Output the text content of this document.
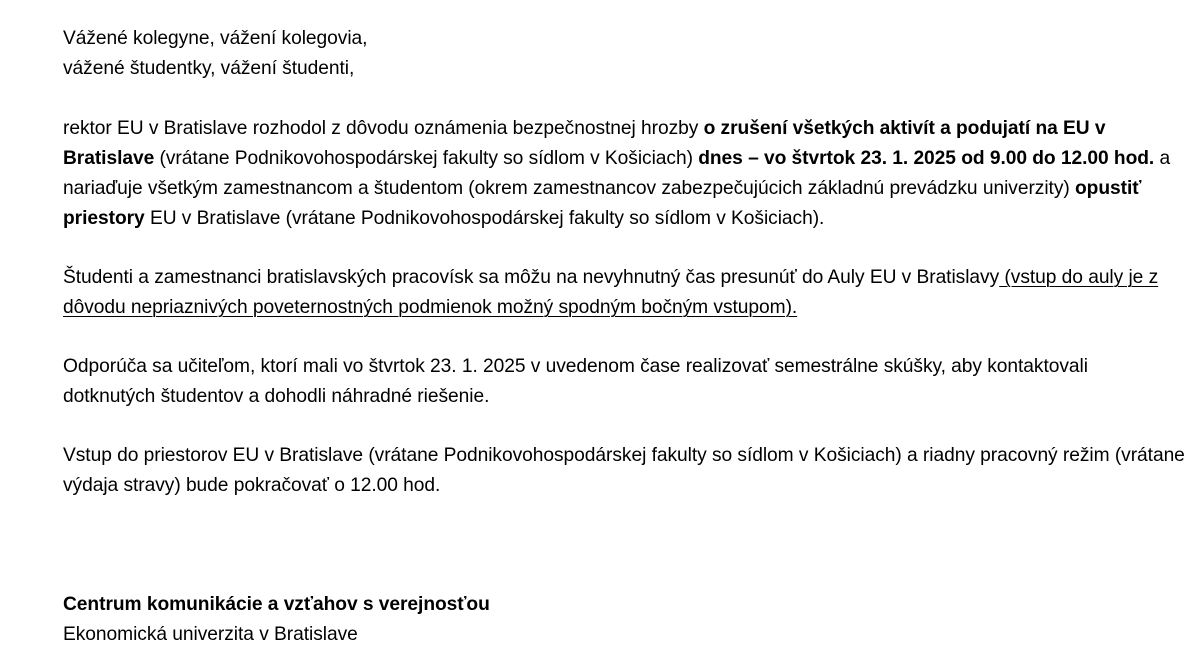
Vážené kolegyne, vážení kolegovia,

vážené študentky, vážení študenti,

rektor EU v Bratislave rozhodol z dôvodu oznámenia bezpečnostnej hrozby o zrušení všetkých aktivít a podujatí na EU v Bratislave (vrátane Podnikovohospodárskej fakulty so sídlom v Košiciach) dnes – vo štvrtok 23. 1. 2025 od 9.00 do 12.00 hod. a nariaďuje všetkým zamestnancom a študentom (okrem zamestnancov zabezpečujúcich základnú prevádzku univerzity) opustiť priestory EU v Bratislave (vrátane Podnikovohospodárskej fakulty so sídlom v Košiciach).

Študenti a zamestnanci bratislavských pracovísk sa môžu na nevyhnutný čas presunúť do Auly EU v Bratislavy (vstup do auly je z dôvodu nepriaznivých poveternostných podmienok možný spodným bočným vstupom).

Odporúča sa učiteľom, ktorí mali vo štvrtok 23. 1. 2025 v uvedenom čase realizovať semestrálne skúšky, aby kontaktovali dotknutých študentov a dohodli náhradné riešenie.

Vstup do priestorov EU v Bratislave (vrátane Podnikovohospodárskej fakulty so sídlom v Košiciach) a riadny pracovný režim (vrátane výdaja stravy) bude pokračovať o 12.00 hod.

Centrum komunikácie a vzťahov s verejnosťou

Ekonomická univerzita v Bratislave
